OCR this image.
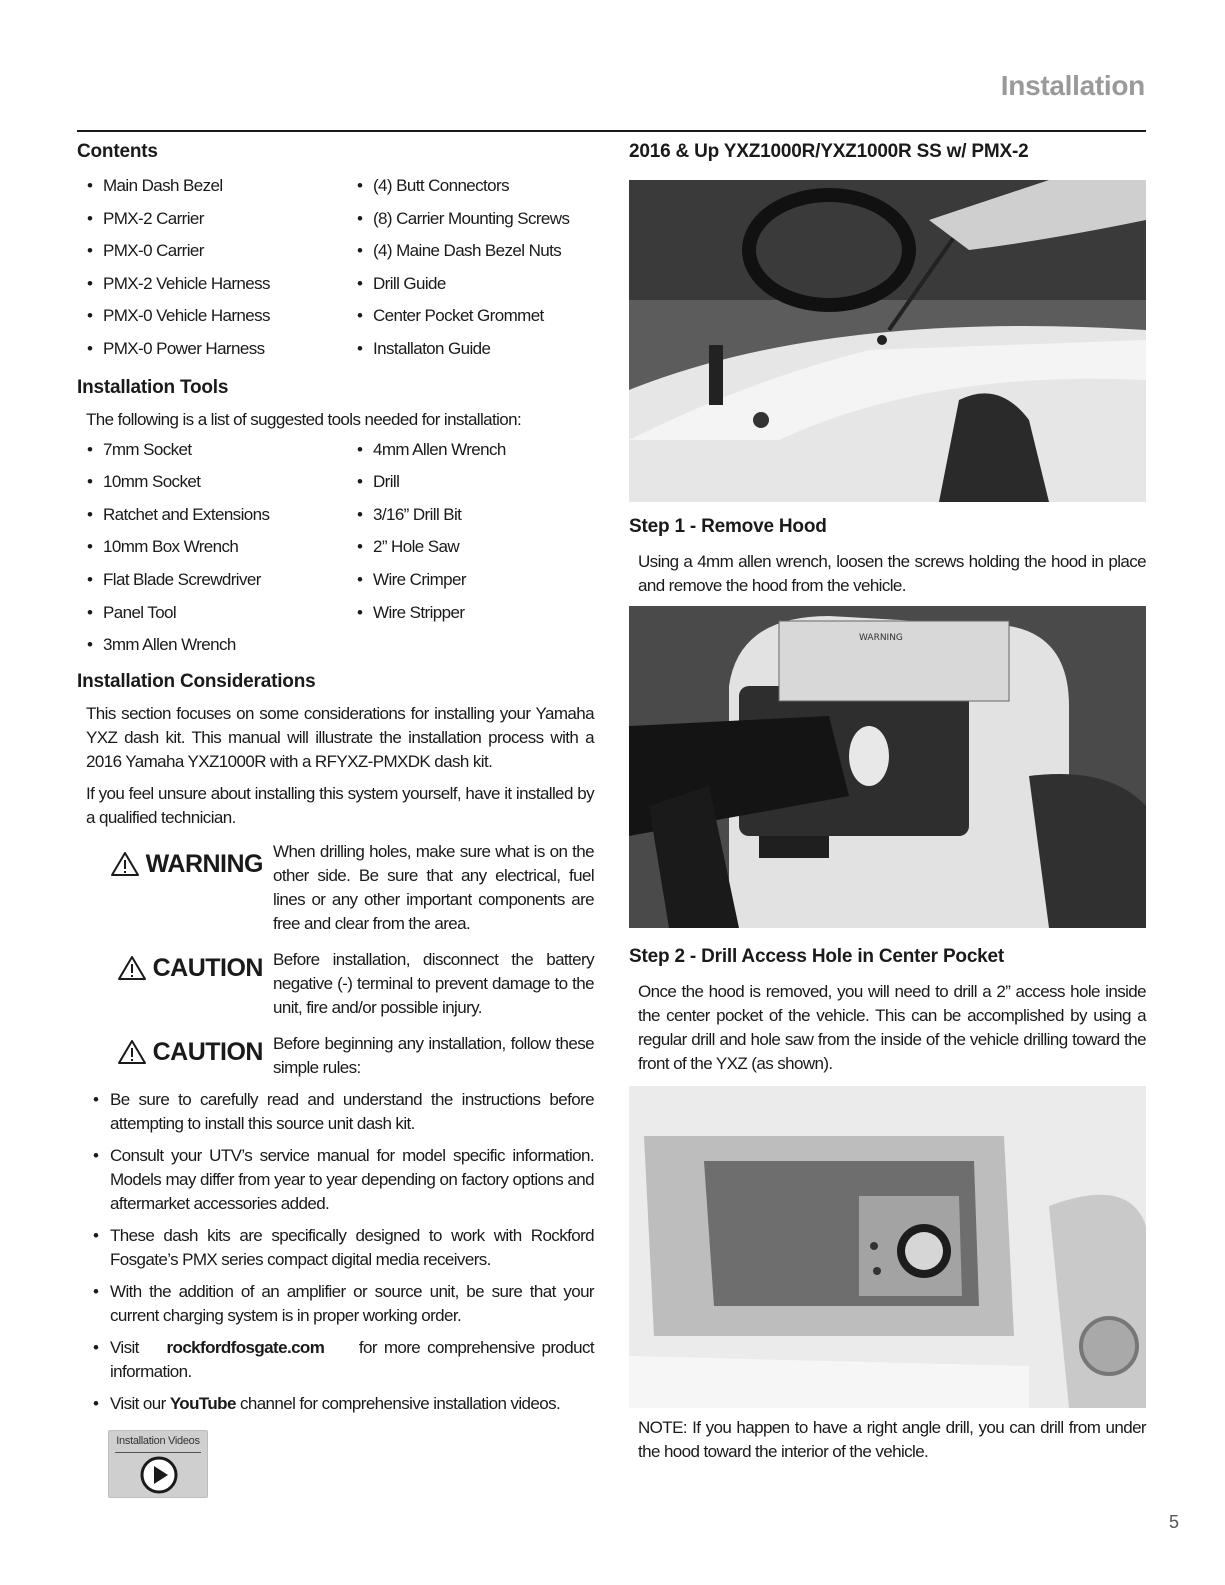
Installation
Contents
• Main Dash Bezel
• PMX-2 Carrier
• PMX-0 Carrier
• PMX-2 Vehicle Harness
• PMX-0 Vehicle Harness
• PMX-0 Power Harness
• (4) Butt Connectors
• (8) Carrier Mounting Screws
• (4) Maine Dash Bezel Nuts
• Drill Guide
• Center Pocket Grommet
• Installaton Guide
Installation Tools

The following is a list of suggested tools needed for installation:

• 7mm Socket
• 10mm Socket
• Ratchet and Extensions
• 10mm Box Wrench
• Flat Blade Screwdriver
• Panel Tool
• 3mm Allen Wrench
• 4mm Allen Wrench
• Drill
• 3/16” Drill Bit
• 2” Hole Saw
• Wire Crimper
• Wire Stripper
Installation Considerations

This section focuses on some considerations for installing your Yamaha YXZ dash kit. This manual will illustrate the installation process with a 2016 Yamaha YXZ1000R with a RFYXZ-PMXDK dash kit.

If you feel unsure about installing this system yourself, have it installed by a qualified technician.

WARNING When drilling holes, make sure what is on the other side. Be sure that any electrical, fuel lines or any other important components are free and clear from the area.
CAUTION Before installation, disconnect the battery negative (-) terminal to prevent damage to the unit, fire and/or possible injury.
CAUTION Before beginning any installation, follow these simple rules:
• Be sure to carefully read and understand the instructions before attempting to install this source unit dash kit.
• Consult your UTV’s service manual for model specific information. Models may differ from year to year depending on factory options and aftermarket accessories added.
• These dash kits are specifically designed to work with Rockford Fosgate’s PMX series compact digital media receivers.
• With the addition of an amplifier or source unit, be sure that your current charging system is in proper working order.
• Visit rockfordfosgate.com for more comprehensive product information.
• Visit our YouTube channel for comprehensive installation videos.
Installation Videos
2016 & Up YXZ1000R/YXZ1000R SS w/ PMX-2
Step 1 - Remove Hood
Using a 4mm allen wrench, loosen the screws holding the hood in place and remove the hood from the vehicle.
WARNING
Step 2 - Drill Access Hole in Center Pocket
Once the hood is removed, you will need to drill a 2” access hole inside the center pocket of the vehicle. This can be accomplished by using a regular drill and hole saw from the inside of the vehicle drilling toward the front of the YXZ (as shown).
NOTE: If you happen to have a right angle drill, you can drill from under the hood toward the interior of the vehicle.
5
